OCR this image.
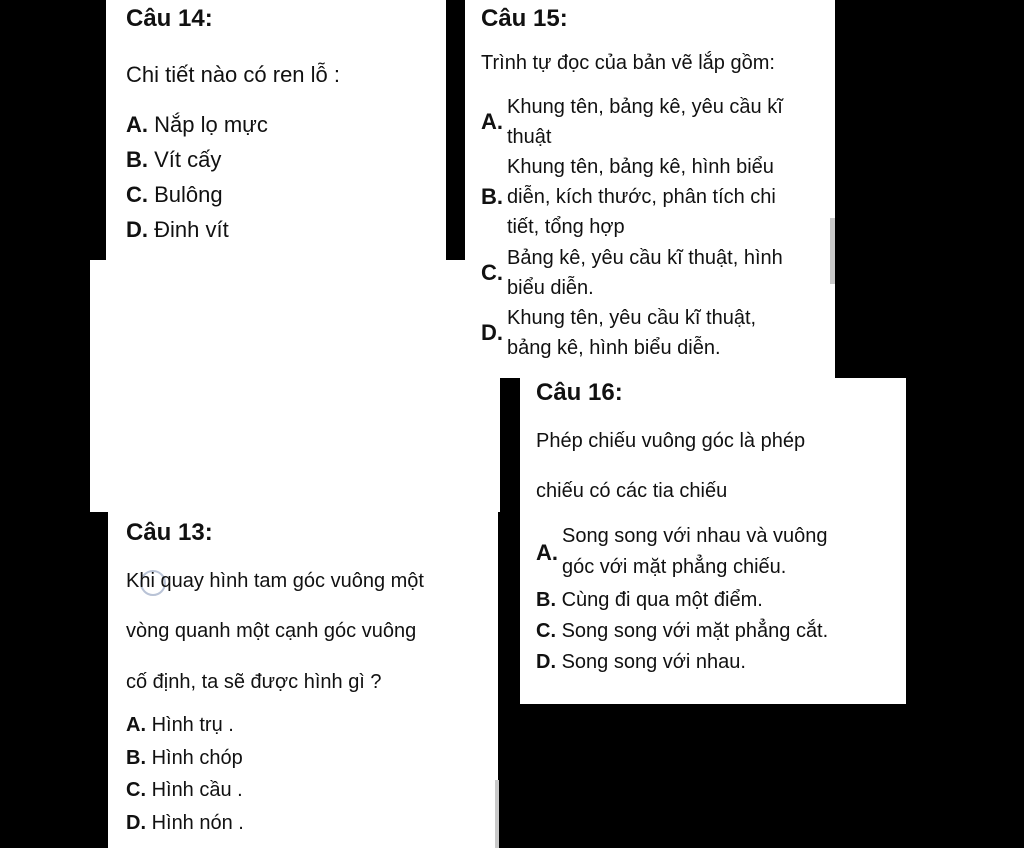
Câu 14:
Chi tiết nào có ren lỗ :
A. Nắp lọ mực
B. Vít cấy
C. Bulông
D. Đinh vít
Câu 15:
Trình tự đọc của bản vẽ lắp gồm:
A.
Khung tên, bảng kê, yêu cầu kĩ
thuật
B.
Khung tên, bảng kê, hình biểu
diễn, kích thước, phân tích chi
tiết, tổng hợp
C.
Bảng kê, yêu cầu kĩ thuật, hình
biểu diễn.
D.
Khung tên, yêu cầu kĩ thuật,
bảng kê, hình biểu diễn.
Câu 16:
Phép chiếu vuông góc là phép
chiếu có các tia chiếu
A.
Song song với nhau và vuông
góc với mặt phẳng chiếu.
B. Cùng đi qua một điểm.
C. Song song với mặt phẳng cắt.
D. Song song với nhau.
Câu 13:
Khi quay hình tam góc vuông một
vòng quanh một cạnh góc vuông
cố định, ta sẽ được hình gì ?
A. Hình trụ .
B. Hình chóp
C. Hình cầu .
D. Hình nón .
